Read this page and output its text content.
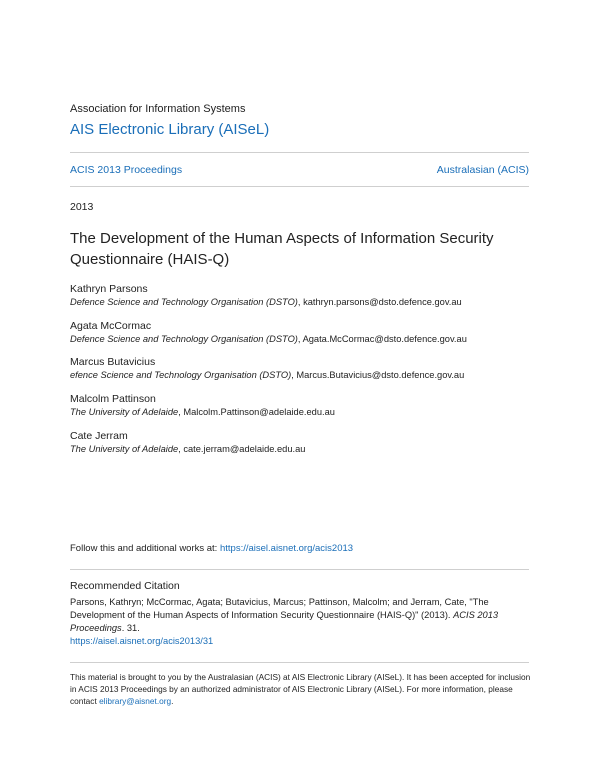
Association for Information Systems
AIS Electronic Library (AISeL)
ACIS 2013 Proceedings	Australasian (ACIS)
2013
The Development of the Human Aspects of Information Security Questionnaire (HAIS-Q)
Kathryn Parsons
Defence Science and Technology Organisation (DSTO), kathryn.parsons@dsto.defence.gov.au
Agata McCormac
Defence Science and Technology Organisation (DSTO), Agata.McCormac@dsto.defence.gov.au
Marcus Butavicius
efence Science and Technology Organisation (DSTO), Marcus.Butavicius@dsto.defence.gov.au
Malcolm Pattinson
The University of Adelaide, Malcolm.Pattinson@adelaide.edu.au
Cate Jerram
The University of Adelaide, cate.jerram@adelaide.edu.au
Follow this and additional works at: https://aisel.aisnet.org/acis2013
Recommended Citation
Parsons, Kathryn; McCormac, Agata; Butavicius, Marcus; Pattinson, Malcolm; and Jerram, Cate, "The Development of the Human Aspects of Information Security Questionnaire (HAIS-Q)" (2013). ACIS 2013 Proceedings. 31.
https://aisel.aisnet.org/acis2013/31
This material is brought to you by the Australasian (ACIS) at AIS Electronic Library (AISeL). It has been accepted for inclusion in ACIS 2013 Proceedings by an authorized administrator of AIS Electronic Library (AISeL). For more information, please contact elibrary@aisnet.org.
